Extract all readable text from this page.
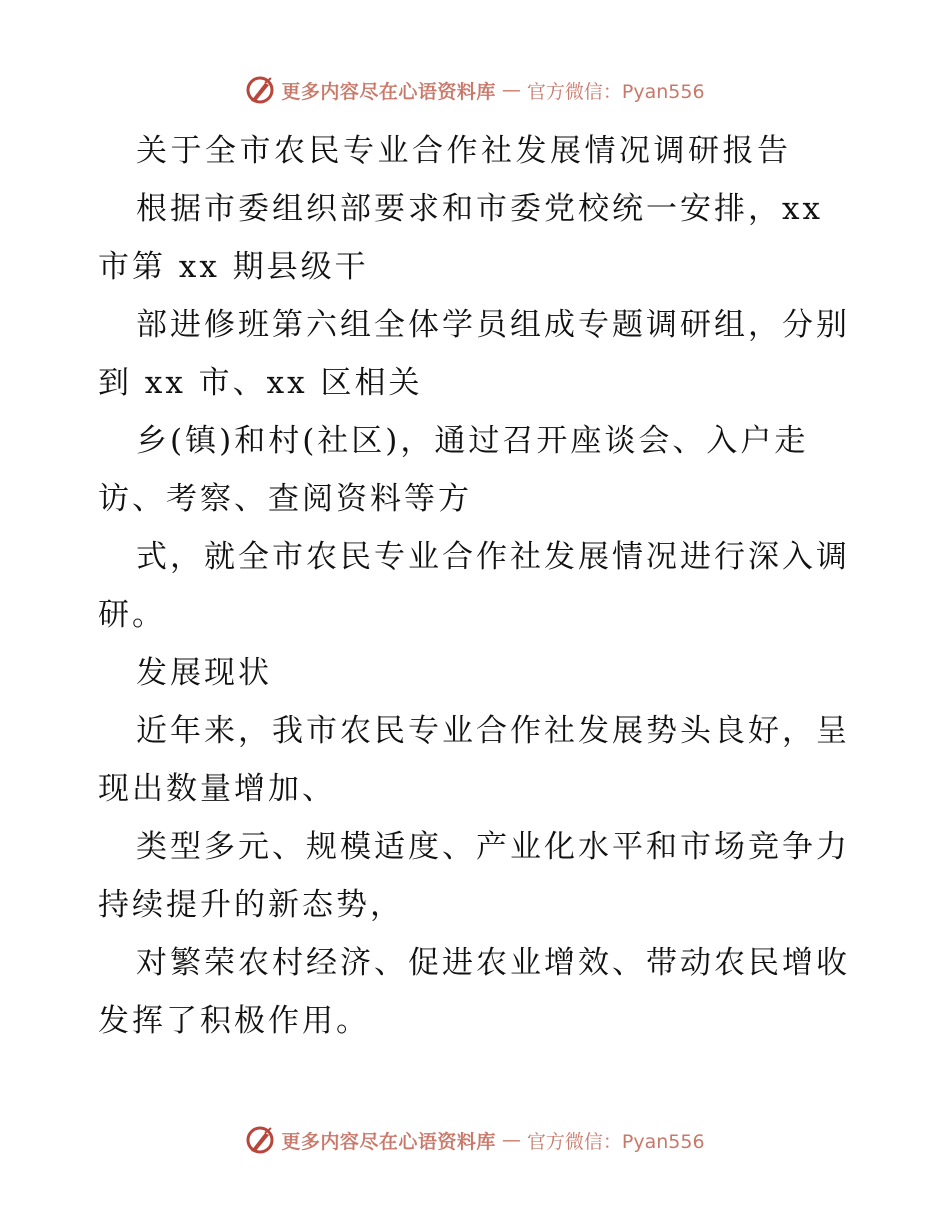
更多内容尽在心语资料库 — 官方微信：Pyan556

关于全市农民专业合作社发展情况调研报告

根据市委组织部要求和市委党校统一安排，xx 市第 xx 期县级干

部进修班第六组全体学员组成专题调研组，分别到 xx 市、xx 区相关

乡(镇)和村(社区)，通过召开座谈会、入户走访、考察、查阅资料等方

式，就全市农民专业合作社发展情况进行深入调研。

发展现状

近年来，我市农民专业合作社发展势头良好，呈现出数量增加、

类型多元、规模适度、产业化水平和市场竞争力持续提升的新态势，

对繁荣农村经济、促进农业增效、带动农民增收发挥了积极作用。

更多内容尽在心语资料库 — 官方微信：Pyan556
